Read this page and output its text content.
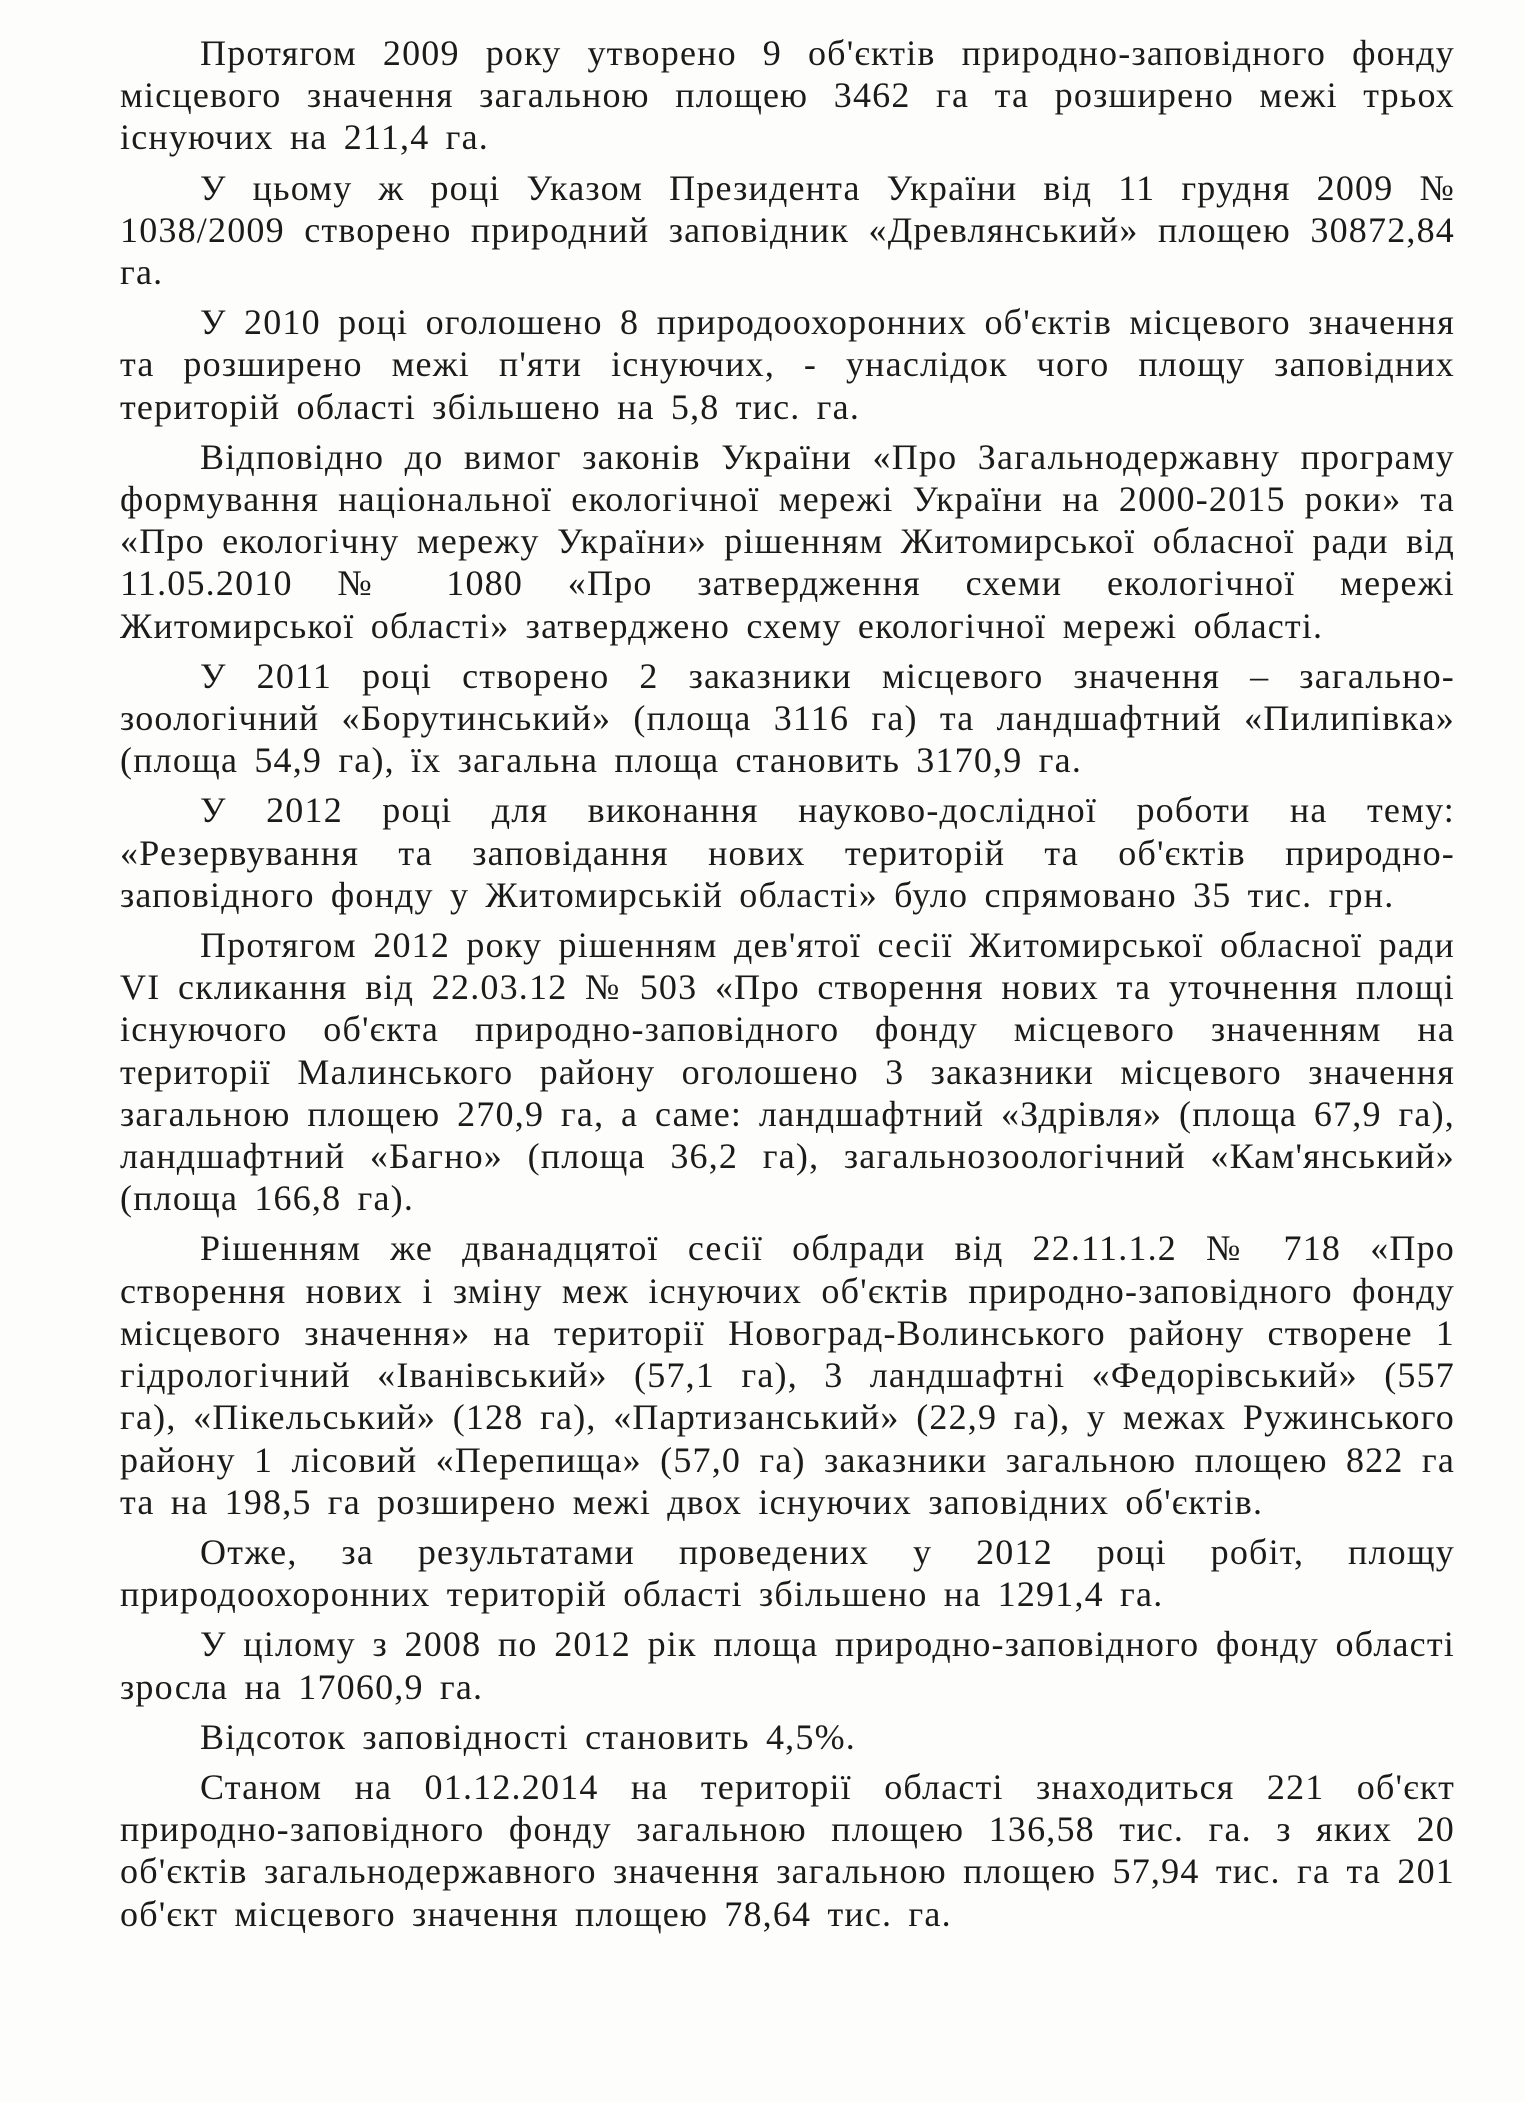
Протягом 2009 року утворено 9 об'єктів природно-заповідного фонду місцевого значення загальною площею 3462 га та розширено межі трьох існуючих на 211,4 га.

У цьому ж році Указом Президента України від 11 грудня 2009 № 1038/2009 створено природний заповідник «Древлянський» площею 30872,84 га.

У 2010 році оголошено 8 природоохоронних об'єктів місцевого значення та розширено межі п'яти існуючих, - унаслідок чого площу заповідних територій області збільшено на 5,8 тис. га.

Відповідно до вимог законів України «Про Загальнодержавну програму формування національної екологічної мережі України на 2000-2015 роки» та «Про екологічну мережу України» рішенням Житомирської обласної ради від 11.05.2010 № 1080 «Про затвердження схеми екологічної мережі Житомирської області» затверджено схему екологічної мережі області.

У 2011 році створено 2 заказники місцевого значення – загально-зоологічний «Борутинський» (площа 3116 га) та ландшафтний «Пилипівка» (площа 54,9 га), їх загальна площа становить 3170,9 га.

У 2012 році для виконання науково-дослідної роботи на тему: «Резервування та заповідання нових територій та об'єктів природно-заповідного фонду у Житомирській області» було спрямовано 35 тис. грн.

Протягом 2012 року рішенням дев'ятої сесії Житомирської обласної ради VI скликання від 22.03.12 № 503 «Про створення нових та уточнення площі існуючого об'єкта природно-заповідного фонду місцевого значенням на території Малинського району оголошено 3 заказники місцевого значення загальною площею 270,9 га, а саме: ландшафтний «Здрівля» (площа 67,9 га), ландшафтний «Багно» (площа 36,2 га), загальнозоологічний «Кам'янський» (площа 166,8 га).

Рішенням же дванадцятої сесії облради від 22.11.1.2 № 718 «Про створення нових і зміну меж існуючих об'єктів природно-заповідного фонду місцевого значення» на території Новоград-Волинського району створене 1 гідрологічний «Іванівський» (57,1 га), 3 ландшафтні «Федорівський» (557 га), «Пікельський» (128 га), «Партизанський» (22,9 га), у межах Ружинського району 1 лісовий «Перепища» (57,0 га) заказники загальною площею 822 га та на 198,5 га розширено межі двох існуючих заповідних об'єктів.

Отже, за результатами проведених у 2012 році робіт, площу природоохоронних територій області збільшено на 1291,4 га.

У цілому з 2008 по 2012 рік площа природно-заповідного фонду області зросла на 17060,9 га.

Відсоток заповідності становить 4,5%.

Станом на 01.12.2014 на території області знаходиться 221 об'єкт природно-заповідного фонду загальною площею 136,58 тис. га. з яких 20 об'єктів загальнодержавного значення загальною площею 57,94 тис. га та 201 об'єкт місцевого значення площею 78,64 тис. га.
